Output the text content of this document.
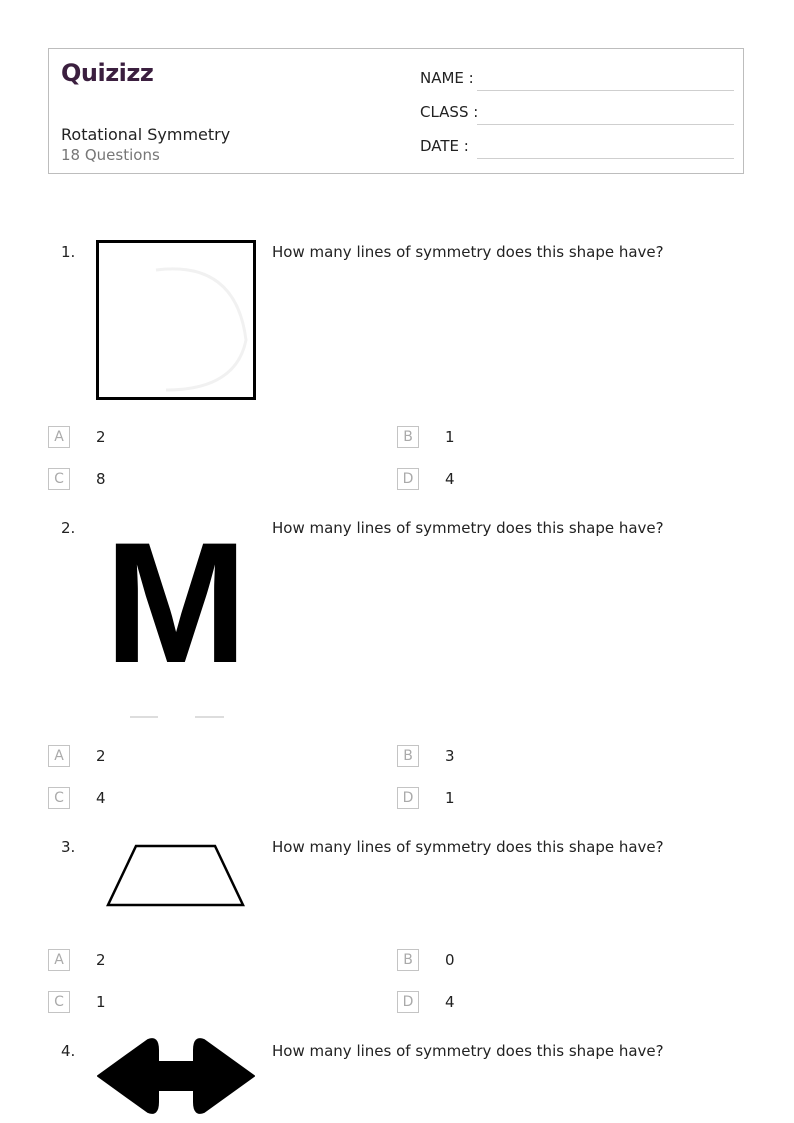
Quizizz
Rotational Symmetry
18 Questions
NAME :
CLASS :
DATE :
1.	How many lines of symmetry does this shape have?
A	2	B	1
C	8	D	4
2. M How many lines of symmetry does this shape have?
A	2	B	3
C	4	D	1
3.	How many lines of symmetry does this shape have?
A	2	B	0
C	1	D	4
4.	How many lines of symmetry does this shape have?
